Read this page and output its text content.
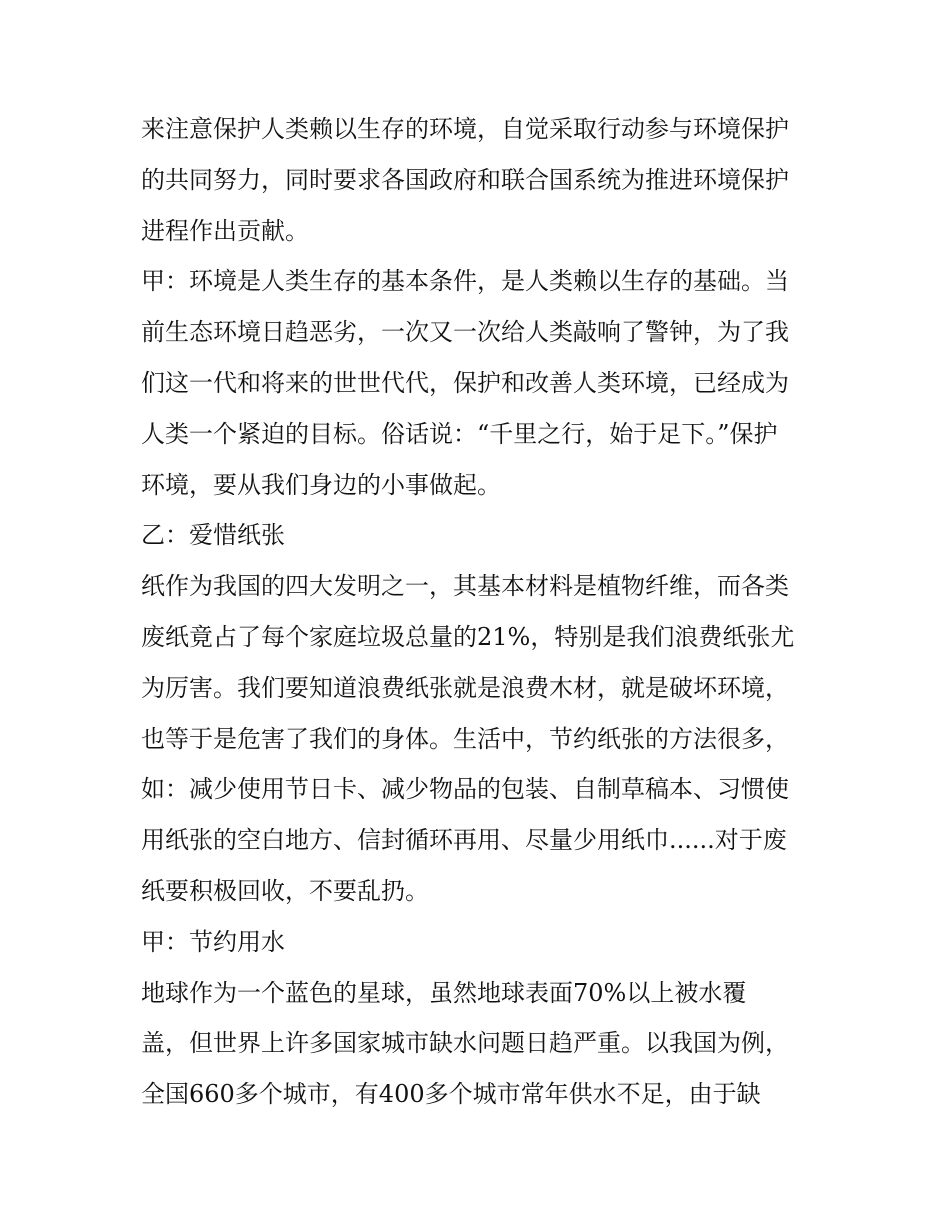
来注意保护人类赖以生存的环境，自觉采取行动参与环境保护
的共同努力，同时要求各国政府和联合国系统为推进环境保护
进程作出贡献。
甲：环境是人类生存的基本条件，是人类赖以生存的基础。当
前生态环境日趋恶劣，一次又一次给人类敲响了警钟，为了我
们这一代和将来的世世代代，保护和改善人类环境，已经成为
人类一个紧迫的目标。俗话说：“千里之行，始于足下。”保护
环境，要从我们身边的小事做起。
乙：爱惜纸张
纸作为我国的四大发明之一，其基本材料是植物纤维，而各类
废纸竟占了每个家庭垃圾总量的21%，特别是我们浪费纸张尤
为厉害。我们要知道浪费纸张就是浪费木材，就是破坏环境，
也等于是危害了我们的身体。生活中，节约纸张的方法很多，
如：减少使用节日卡、减少物品的包装、自制草稿本、习惯使
用纸张的空白地方、信封循环再用、尽量少用纸巾......对于废
纸要积极回收，不要乱扔。
甲：节约用水
地球作为一个蓝色的星球，虽然地球表面70%以上被水覆
盖，但世界上许多国家城市缺水问题日趋严重。以我国为例，
全国660多个城市，有400多个城市常年供水不足，由于缺
